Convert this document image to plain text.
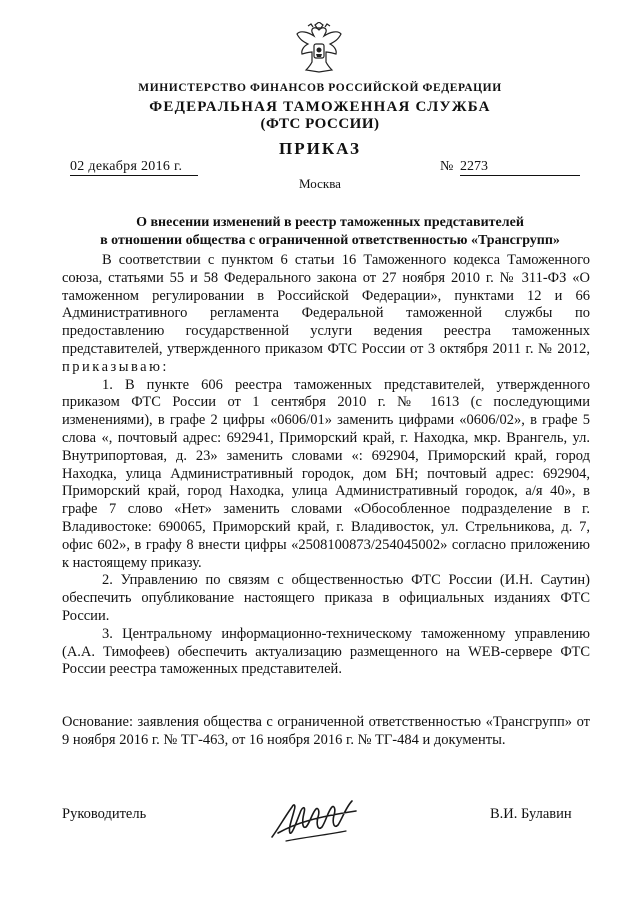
МИНИСТЕРСТВО ФИНАНСОВ РОССИЙСКОЙ ФЕДЕРАЦИИ
ФЕДЕРАЛЬНАЯ ТАМОЖЕННАЯ СЛУЖБА
(ФТС РОССИИ)
ПРИКАЗ
02 декабря 2016 г.	№ 2273
Москва
О внесении изменений в реестр таможенных представителей
в отношении общества с ограниченной ответственностью «Трансгрупп»

В соответствии с пунктом 6 статьи 16 Таможенного кодекса Таможенного союза, статьями 55 и 58 Федерального закона от 27 ноября 2010 г. № 311-ФЗ «О таможенном регулировании в Российской Федерации», пунктами 12 и 66 Административного регламента Федеральной таможенной службы по предоставлению государственной услуги ведения реестра таможенных представителей, утвержденного приказом ФТС России от 3 октября 2011 г. № 2012, приказываю:

1. В пункте 606 реестра таможенных представителей, утвержденного приказом ФТС России от 1 сентября 2010 г. № 1613 (с последующими изменениями), в графе 2 цифры «0606/01» заменить цифрами «0606/02», в графе 5 слова «, почтовый адрес: 692941, Приморский край, г. Находка, мкр. Врангель, ул. Внутрипортовая, д. 23» заменить словами «: 692904, Приморский край, город Находка, улица Административный городок, дом БН; почтовый адрес: 692904, Приморский край, город Находка, улица Административный городок, а/я 40», в графе 7 слово «Нет» заменить словами «Обособленное подразделение в г. Владивостоке: 690065, Приморский край, г. Владивосток, ул. Стрельникова, д. 7, офис 602», в графу 8 внести цифры «2508100873/254045002» согласно приложению к настоящему приказу.

2. Управлению по связям с общественностью ФТС России (И.Н. Саутин) обеспечить опубликование настоящего приказа в официальных изданиях ФТС России.

3. Центральному информационно-техническому таможенному управлению (А.А. Тимофеев) обеспечить актуализацию размещенного на WEB-сервере ФТС России реестра таможенных представителей.

Основание: заявления общества с ограниченной ответственностью «Трансгрупп» от 9 ноября 2016 г. № ТГ-463, от 16 ноября 2016 г. № ТГ-484 и документы.

Руководитель	В.И. Булавин
